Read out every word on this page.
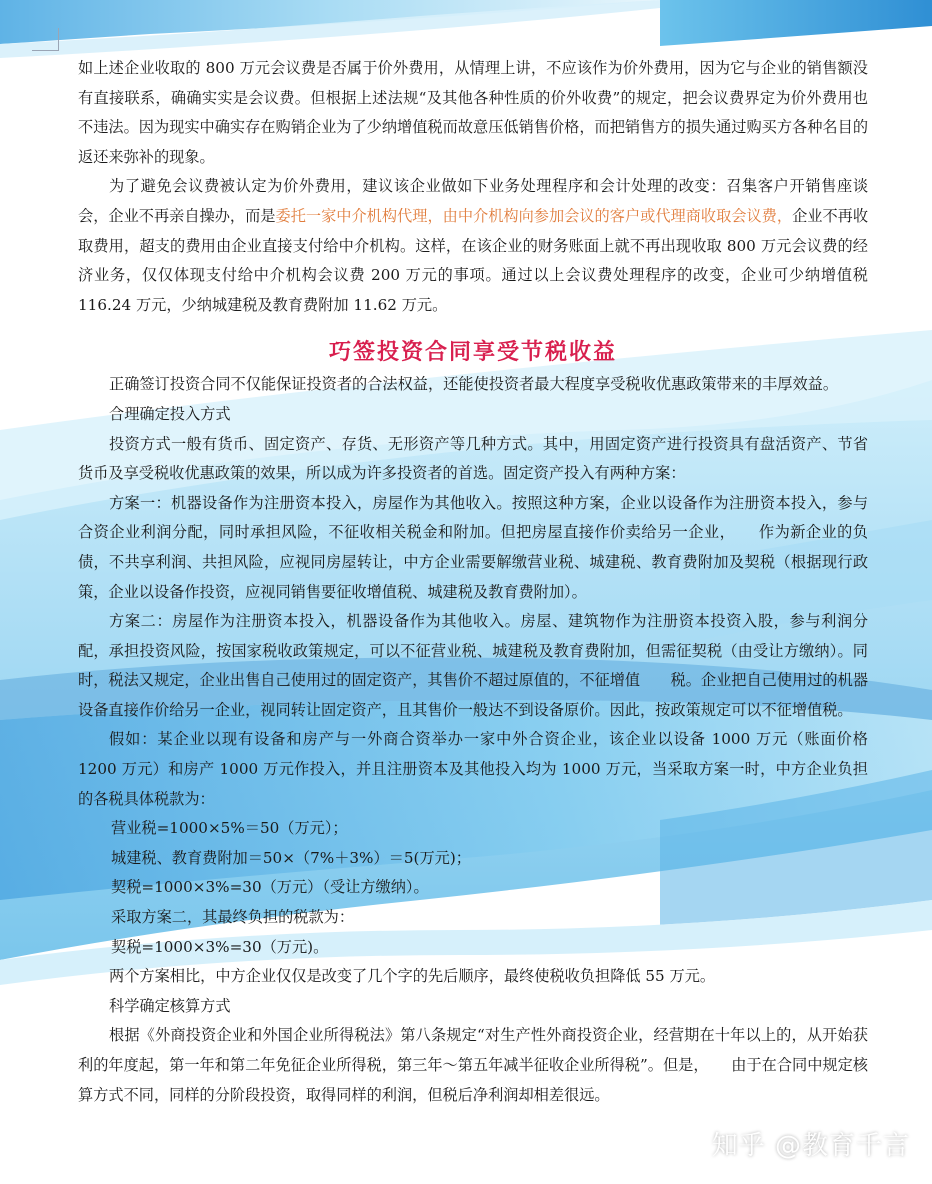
如上述企业收取的 800 万元会议费是否属于价外费用，从情理上讲，不应该作为价外费用，因为它与企业的销售额没有直接联系，确确实实是会议费。但根据上述法规“及其他各种性质的价外收费”的规定，把会议费界定为价外费用也不违法。因为现实中确实存在购销企业为了少纳增值税而故意压低销售价格，而把销售方的损失通过购买方各种名目的返还来弥补的现象。

为了避免会议费被认定为价外费用，建议该企业做如下业务处理程序和会计处理的改变：召集客户开销售座谈会，企业不再亲自操办，而是委托一家中介机构代理，由中介机构向参加会议的客户或代理商收取会议费，企业不再收取费用，超支的费用由企业直接支付给中介机构。这样，在该企业的财务账面上就不再出现收取 800 万元会议费的经济业务，仅仅体现支付给中介机构会议费 200 万元的事项。通过以上会议费处理程序的改变，企业可少纳增值税 116.24 万元，少纳城建税及教育费附加 11.62 万元。

巧签投资合同享受节税收益

正确签订投资合同不仅能保证投资者的合法权益，还能使投资者最大程度享受税收优惠政策带来的丰厚效益。

合理确定投入方式

投资方式一般有货币、固定资产、存货、无形资产等几种方式。其中，用固定资产进行投资具有盘活资产、节省货币及享受税收优惠政策的效果，所以成为许多投资者的首选。固定资产投入有两种方案：

方案一：机器设备作为注册资本投入，房屋作为其他收入。按照这种方案，企业以设备作为注册资本投入，参与合资企业利润分配，同时承担风险，不征收相关税金和附加。但把房屋直接作价卖给另一企业，　　作为新企业的负债，不共享利润、共担风险，应视同房屋转让，中方企业需要解缴营业税、城建税、教育费附加及契税（根据现行政策，企业以设备作投资，应视同销售要征收增值税、城建税及教育费附加）。

方案二：房屋作为注册资本投入，机器设备作为其他收入。房屋、建筑物作为注册资本投资入股，参与利润分配，承担投资风险，按国家税收政策规定，可以不征营业税、城建税及教育费附加，但需征契税（由受让方缴纳）。同时，税法又规定，企业出售自己使用过的固定资产，其售价不超过原值的，不征增值　　税。企业把自己使用过的机器设备直接作价给另一企业，视同转让固定资产，且其售价一般达不到设备原价。因此，按政策规定可以不征增值税。

假如：某企业以现有设备和房产与一外商合资举办一家中外合资企业，该企业以设备 1000 万元（账面价格 1200 万元）和房产 1000 万元作投入，并且注册资本及其他投入均为 1000 万元，当采取方案一时，中方企业负担的各税具体税款为：

营业税=1000×5%＝50（万元）；

城建税、教育费附加＝50×（7%＋3%）＝5(万元)；

契税=1000×3%=30（万元）（受让方缴纳）。

采取方案二，其最终负担的税款为：

契税=1000×3%=30（万元)。

两个方案相比，中方企业仅仅是改变了几个字的先后顺序，最终使税收负担降低 55 万元。

科学确定核算方式

根据《外商投资企业和外国企业所得税法》第八条规定“对生产性外商投资企业，经营期在十年以上的，从开始获利的年度起，第一年和第二年免征企业所得税，第三年～第五年减半征收企业所得税”。但是，　　由于在合同中规定核算方式不同，同样的分阶段投资，取得同样的利润，但税后净利润却相差很远。

知乎 @教育千言
